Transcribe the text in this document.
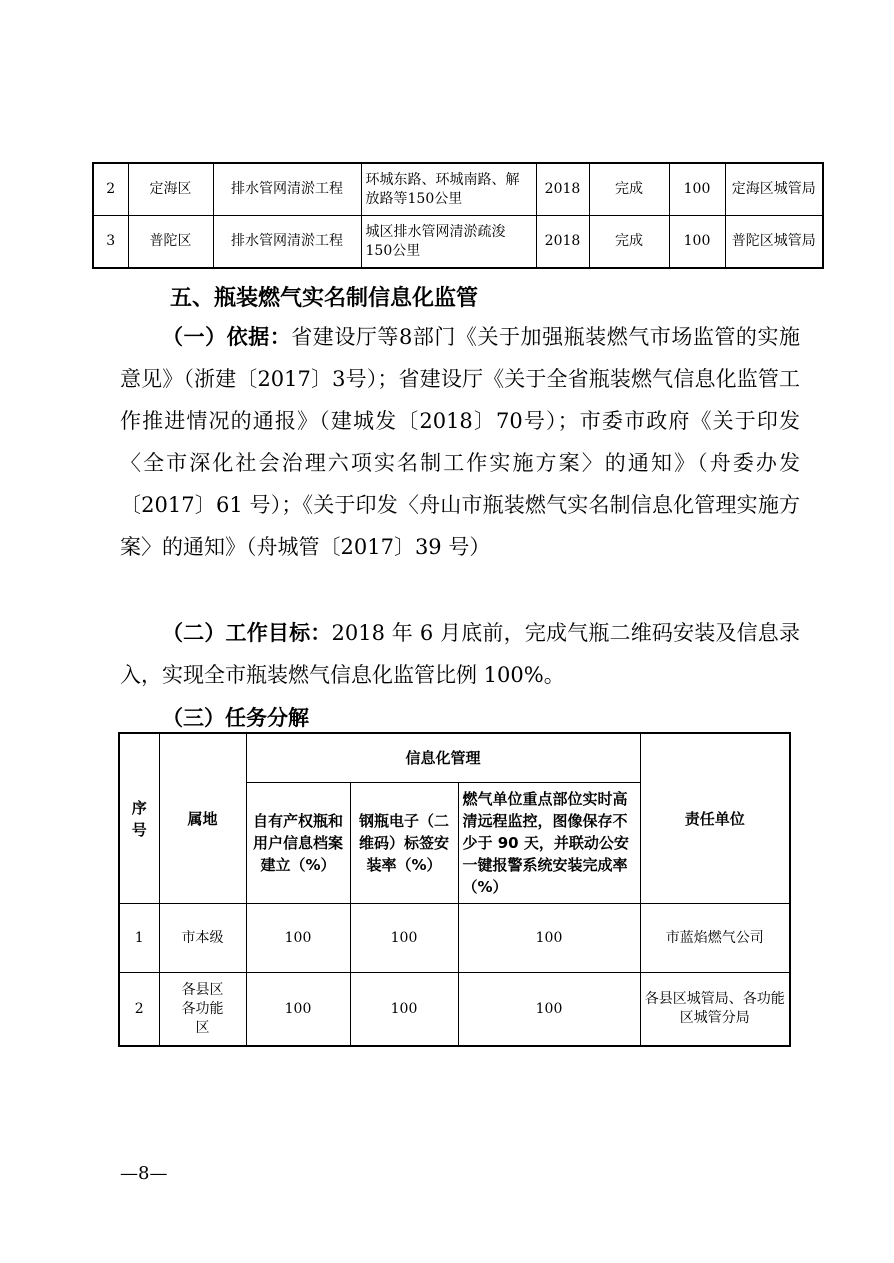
2	定海区	排水管网清淤工程	环城东路、环城南路、解放路等150公里	2018	完成	100	定海区城管局
3	普陀区	排水管网清淤工程	城区排水管网清淤疏浚150公里	2018	完成	100	普陀区城管局
五、瓶装燃气实名制信息化监管
（一）依据：省建设厅等8部门《关于加强瓶装燃气市场监管的实施意见》（浙建〔2017〕3号）；省建设厅《关于全省瓶装燃气信息化监管工作推进情况的通报》（建城发〔2018〕70号）；市委市政府《关于印发〈全市深化社会治理六项实名制工作实施方案〉的通知》（舟委办发〔2017〕61 号）；《关于印发〈舟山市瓶装燃气实名制信息化管理实施方案〉的通知》（舟城管〔2017〕39 号）
（二）工作目标：2018 年 6 月底前，完成气瓶二维码安装及信息录入，实现全市瓶装燃气信息化监管比例 100%。
（三）任务分解
序号	属地	信息化管理			责任单位
		自有产权瓶和用户信息档案建立（%）	钢瓶电子（二维码）标签安装率（%）	燃气单位重点部位实时高清远程监控，图像保存不少于 90 天，并联动公安一键报警系统安装完成率（%）	
1	市本级	100	100	100	市蓝焰燃气公司
2	各县区各功能区	100	100	100	各县区城管局、各功能区城管分局
—8—
